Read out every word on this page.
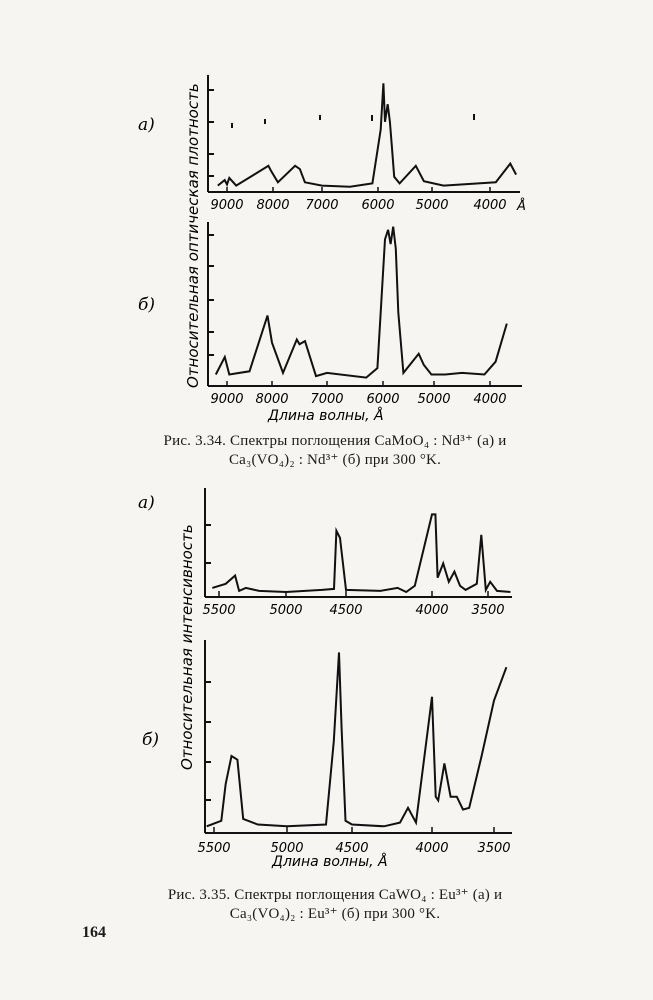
Относительная оптическая плотность
а)
9000 8000 7000 6000 5000 4000 Å
б)
9000 8000 7000 6000 5000 4000
Длина волны, Å
Относительная интенсивность
а)
5500	5000 4500	4000 3500
б)
5500	5000 4500	4000 3500
Длина волны, Å
Рис. 3.34. Спектры поглощения CaMoO₄ : Nd³⁺ (а) и
Ca₃(VO₄)₂ : Nd³⁺ (б) при 300 °K.
Рис. 3.35. Спектры поглощения CaWO₄ : Eu³⁺ (а) и
Ca₃(VO₄)₂ : Eu³⁺ (б) при 300 °K.
164
